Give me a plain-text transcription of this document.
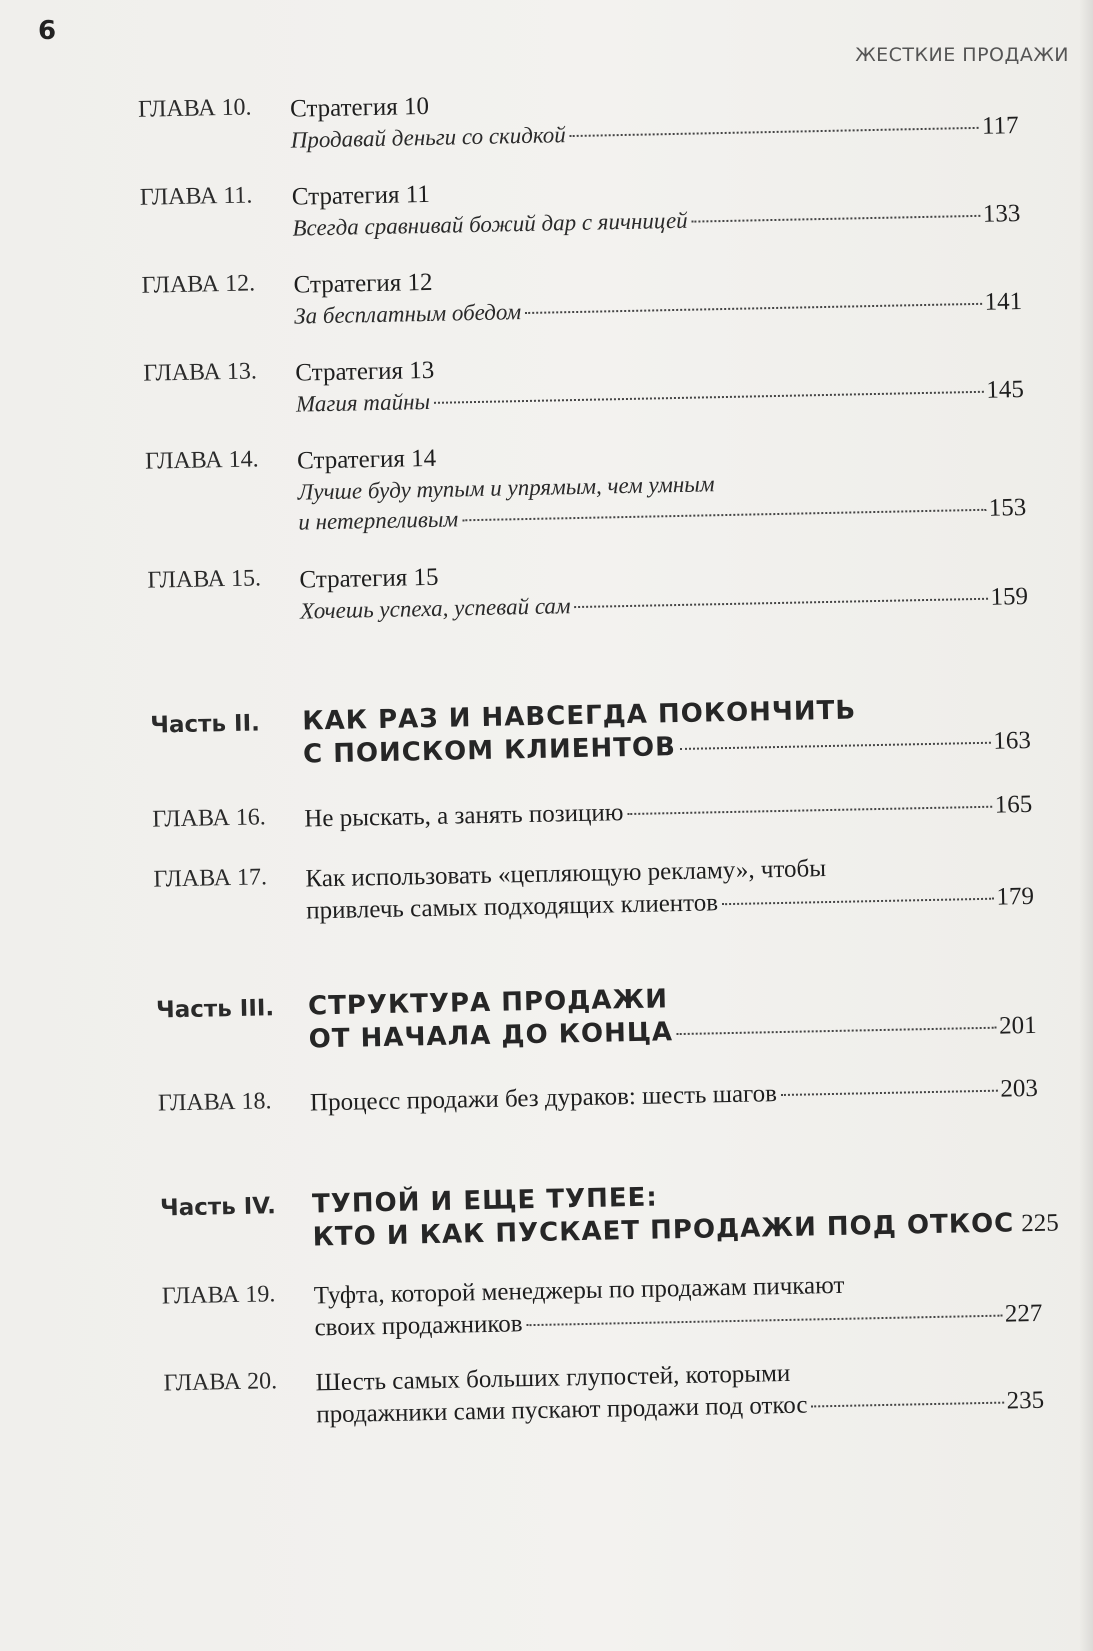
6
ЖЕСТКИЕ ПРОДАЖИ
ГЛАВА 10.	Стратегия 10
Продавай деньги со скидкой	117
ГЛАВА 11.	Стратегия 11
Всегда сравнивай божий дар с яичницей	133
ГЛАВА 12.	Стратегия 12
За бесплатным обедом	141
ГЛАВА 13.	Стратегия 13
Магия тайны	145
ГЛАВА 14.	Стратегия 14
Лучше буду тупым и упрямым, чем умным
и нетерпеливым	153
ГЛАВА 15.	Стратегия 15
Хочешь успеха, успевай сам	159
Часть II.	КАК РАЗ И НАВСЕГДА ПОКОНЧИТЬ
С ПОИСКОМ КЛИЕНТОВ	163
ГЛАВА 16.	Не рыскать, а занять позицию	165
ГЛАВА 17.	Как использовать «цепляющую рекламу», чтобы
привлечь самых подходящих клиентов	179
Часть III.	СТРУКТУРА ПРОДАЖИ
ОТ НАЧАЛА ДО КОНЦА	201
ГЛАВА 18.	Процесс продажи без дураков: шесть шагов	203
Часть IV.	ТУПОЙ И ЕЩЕ ТУПЕЕ:
КТО И КАК ПУСКАЕТ ПРОДАЖИ ПОД ОТКОС 225
ГЛАВА 19.	Туфта, которой менеджеры по продажам пичкают
своих продажников	227
ГЛАВА 20.	Шесть самых больших глупостей, которыми
продажники сами пускают продажи под откос	235
